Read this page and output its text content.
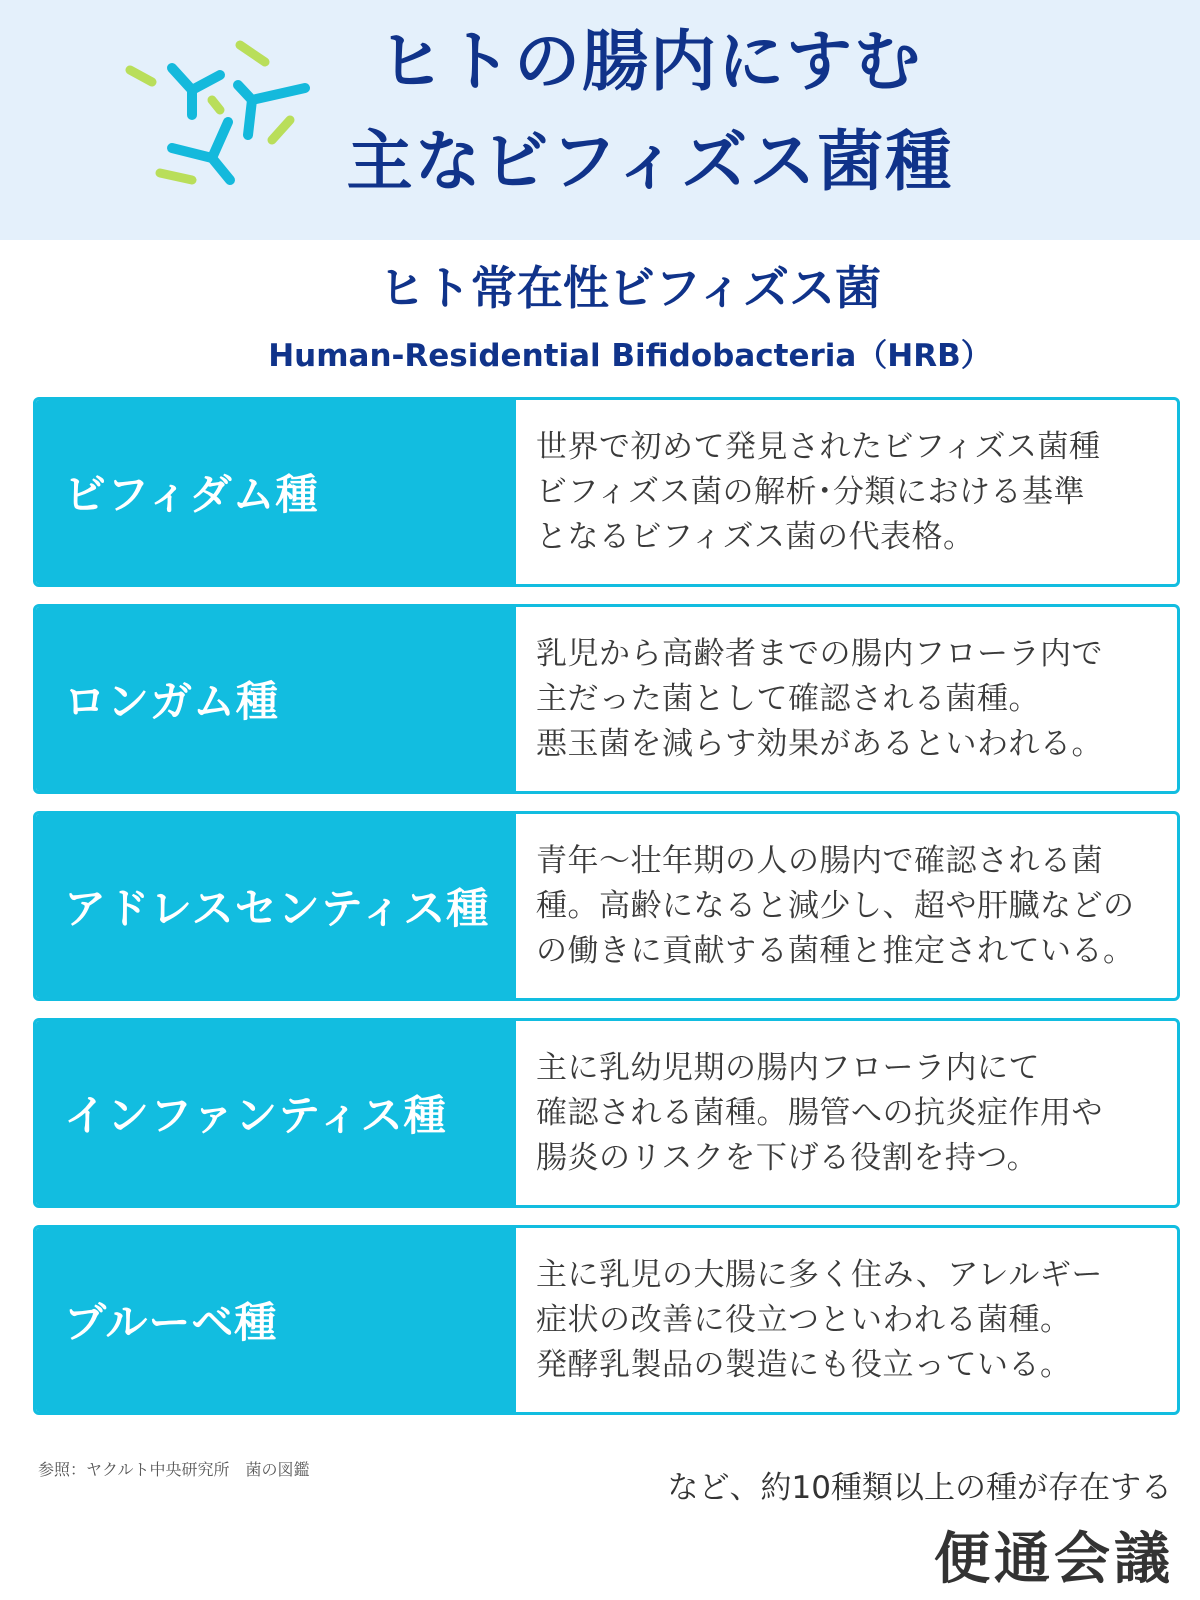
ヒトの腸内にすむ
主なビフィズス菌種
ヒト常在性ビフィズス菌
Human-Residential Bifidobacteria（HRB）
ビフィダム種
世界で初めて発見されたビフィズス菌種
ビフィズス菌の解析･分類における基準
となるビフィズス菌の代表格。
ロンガム種
乳児から高齢者までの腸内フローラ内で
主だった菌として確認される菌種。
悪玉菌を減らす効果があるといわれる。
アドレスセンティス種
青年〜壮年期の人の腸内で確認される菌
種。高齢になると減少し、超や肝臓などの
の働きに貢献する菌種と推定されている。
インファンティス種
主に乳幼児期の腸内フローラ内にて
確認される菌種。腸管への抗炎症作用や
腸炎のリスクを下げる役割を持つ。
ブルーベ種
主に乳児の大腸に多く住み、アレルギー
症状の改善に役立つといわれる菌種。
発酵乳製品の製造にも役立っている。
参照：ヤクルト中央研究所　菌の図鑑
など、約10種類以上の種が存在する
便通会議
